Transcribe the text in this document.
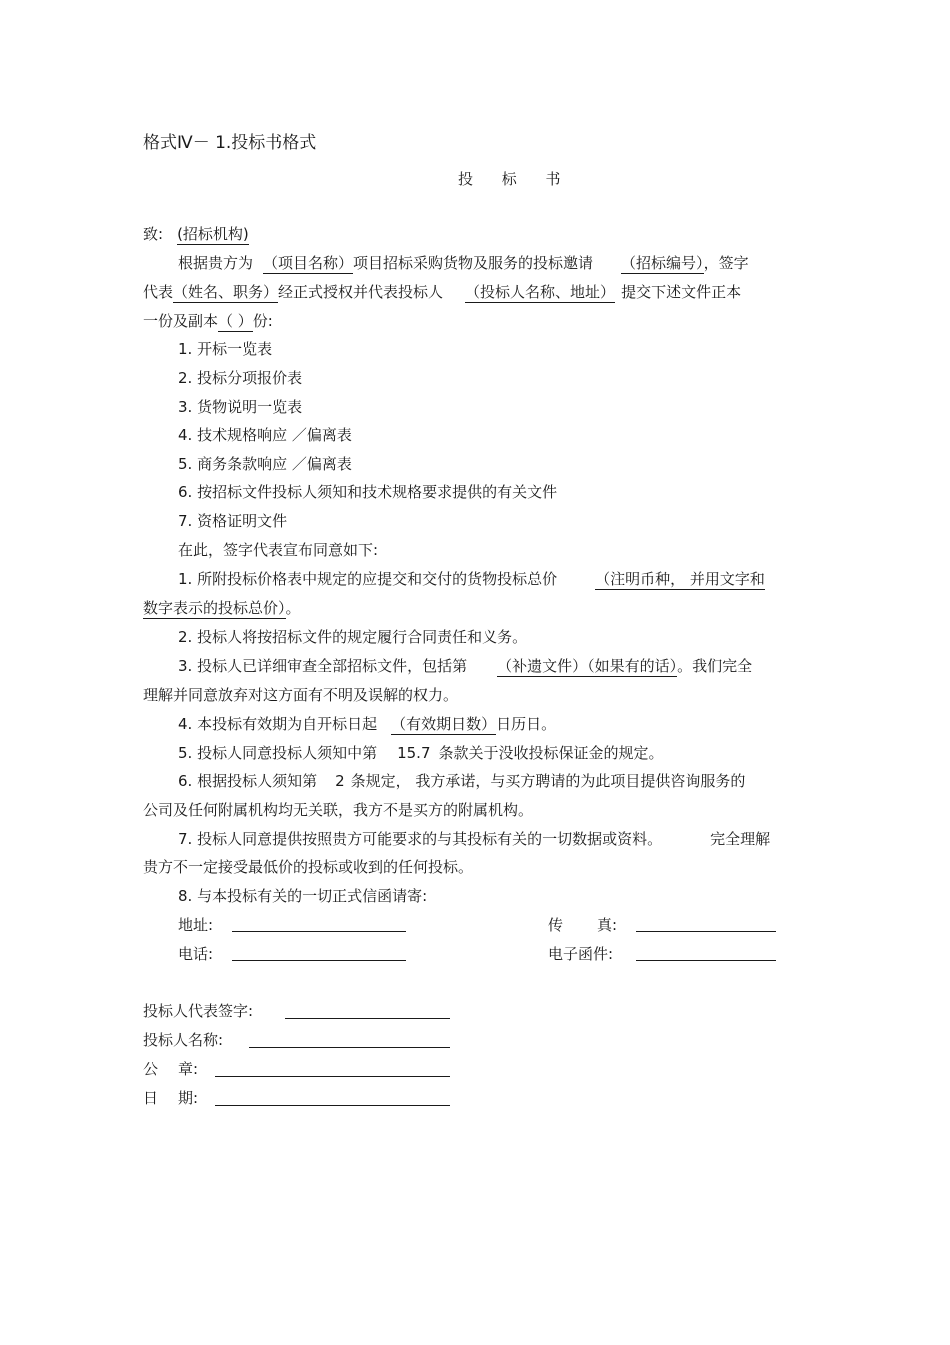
格式Ⅳ－ 1.投标书格式
投 标 书
致: (招标机构)
根据贵方为 （项目名称）项目招标采购货物及服务的投标邀请 （招标编号），签字
代表（姓名、职务）经正式授权并代表投标人 （投标人名称、地址） 提交下述文件正本
一份及副本（ ）份:
1. 开标一览表
2. 投标分项报价表
3. 货物说明一览表
4. 技术规格响应 ／偏离表
5. 商务条款响应 ／偏离表
6. 按招标文件投标人须知和技术规格要求提供的有关文件
7. 资格证明文件
在此，签字代表宣布同意如下:
1. 所附投标价格表中规定的应提交和交付的货物投标总价	（注明币种， 并用文字和
数字表示的投标总价）。
2. 投标人将按招标文件的规定履行合同责任和义务。
3. 投标人已详细审查全部招标文件，包括第 （补遗文件）（如果有的话）。我们完全
理解并同意放弃对这方面有不明及误解的权力。
4. 本投标有效期为自开标日起 （有效期日数）日历日。
5. 投标人同意投标人须知中第 15.7 条款关于没收投标保证金的规定。
6. 根据投标人须知第 2 条规定， 我方承诺，与买方聘请的为此项目提供咨询服务的
公司及任何附属机构均无关联，我方不是买方的附属机构。
7. 投标人同意提供按照贵方可能要求的与其投标有关的一切数据或资料。	完全理解
贵方不一定接受最低价的投标或收到的任何投标。
8. 与本投标有关的一切正式信函请寄:
地址:	传 真:
电话:	电子函件:
投标人代表签字:
投标人名称:
公 章:
日 期:
